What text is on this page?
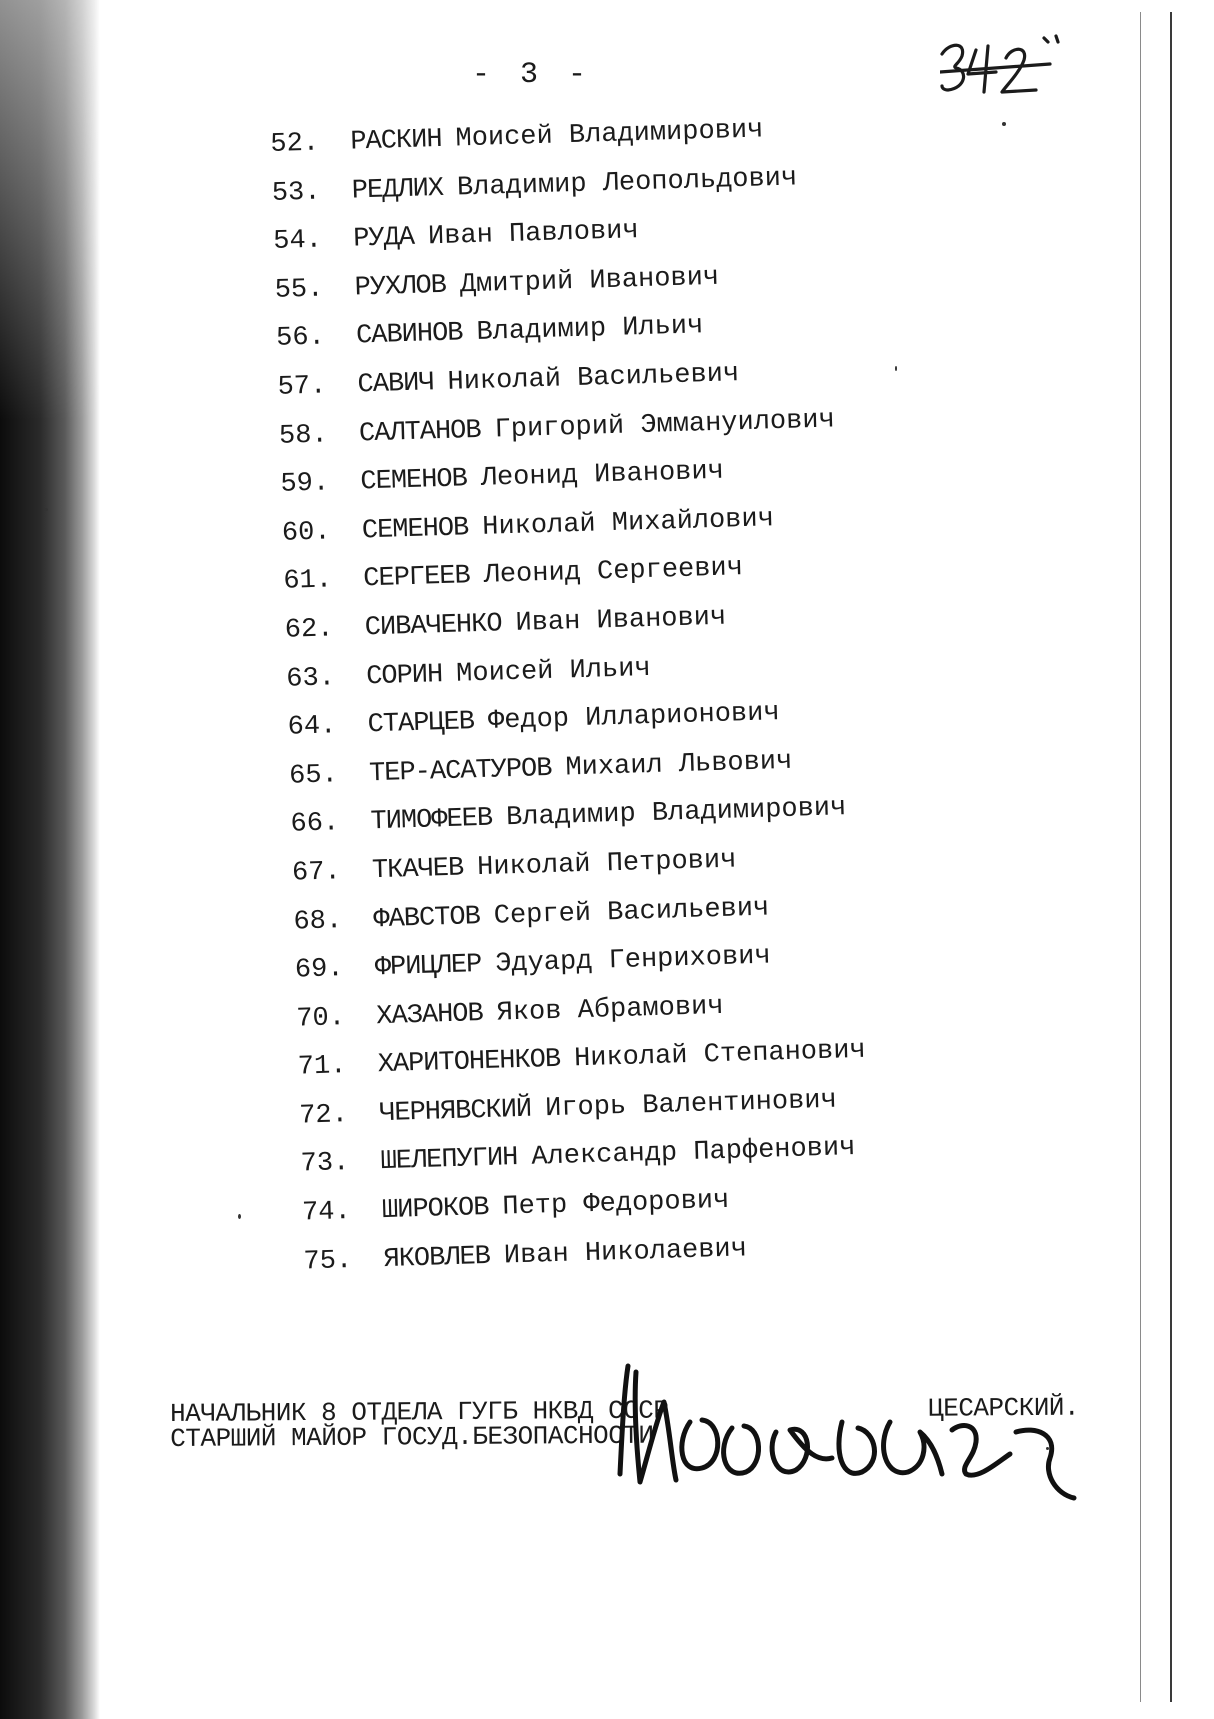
- 3 -
52.	РАСКИН Моисей Владимирович
53.	РЕДЛИХ Владимир Леопольдович
54.	РУДА Иван Павлович
55.	РУХЛОВ Дмитрий Иванович
56.	САВИНОВ Владимир Ильич
57.	САВИЧ Николай Васильевич
58.	САЛТАНОВ Григорий Эммануилович
59.	СЕМЕНОВ Леонид Иванович
60.	СЕМЕНОВ Николай Михайлович
61.	СЕРГЕЕВ Леонид Сергеевич
62.	СИВАЧЕНКО Иван Иванович
63.	СОРИН Моисей Ильич
64.	СТАРЦЕВ Федор Илларионович
65.	ТЕР-АСАТУРОВ Михаил Львович
66.	ТИМОФЕЕВ Владимир Владимирович
67.	ТКАЧЕВ Николай Петрович
68.	ФАВСТОВ Сергей Васильевич
69.	ФРИЦЛЕР Эдуард Генрихович
70.	ХАЗАНОВ Яков Абрамович
71.	ХАРИТОНЕНКОВ Николай Степанович
72.	ЧЕРНЯВСКИЙ Игорь Валентинович
73.	ШЕЛЕПУГИН Александр Парфенович
74.	ШИРОКОВ Петр Федорович
75.	ЯКОВЛЕВ Иван Николаевич
НАЧАЛЬНИК 8 ОТДЕЛА ГУГБ НКВД СССР	ЦЕСАРСКИЙ.
СТАРШИЙ МАЙОР ГОСУД.БЕЗОПАСНОСТИ
